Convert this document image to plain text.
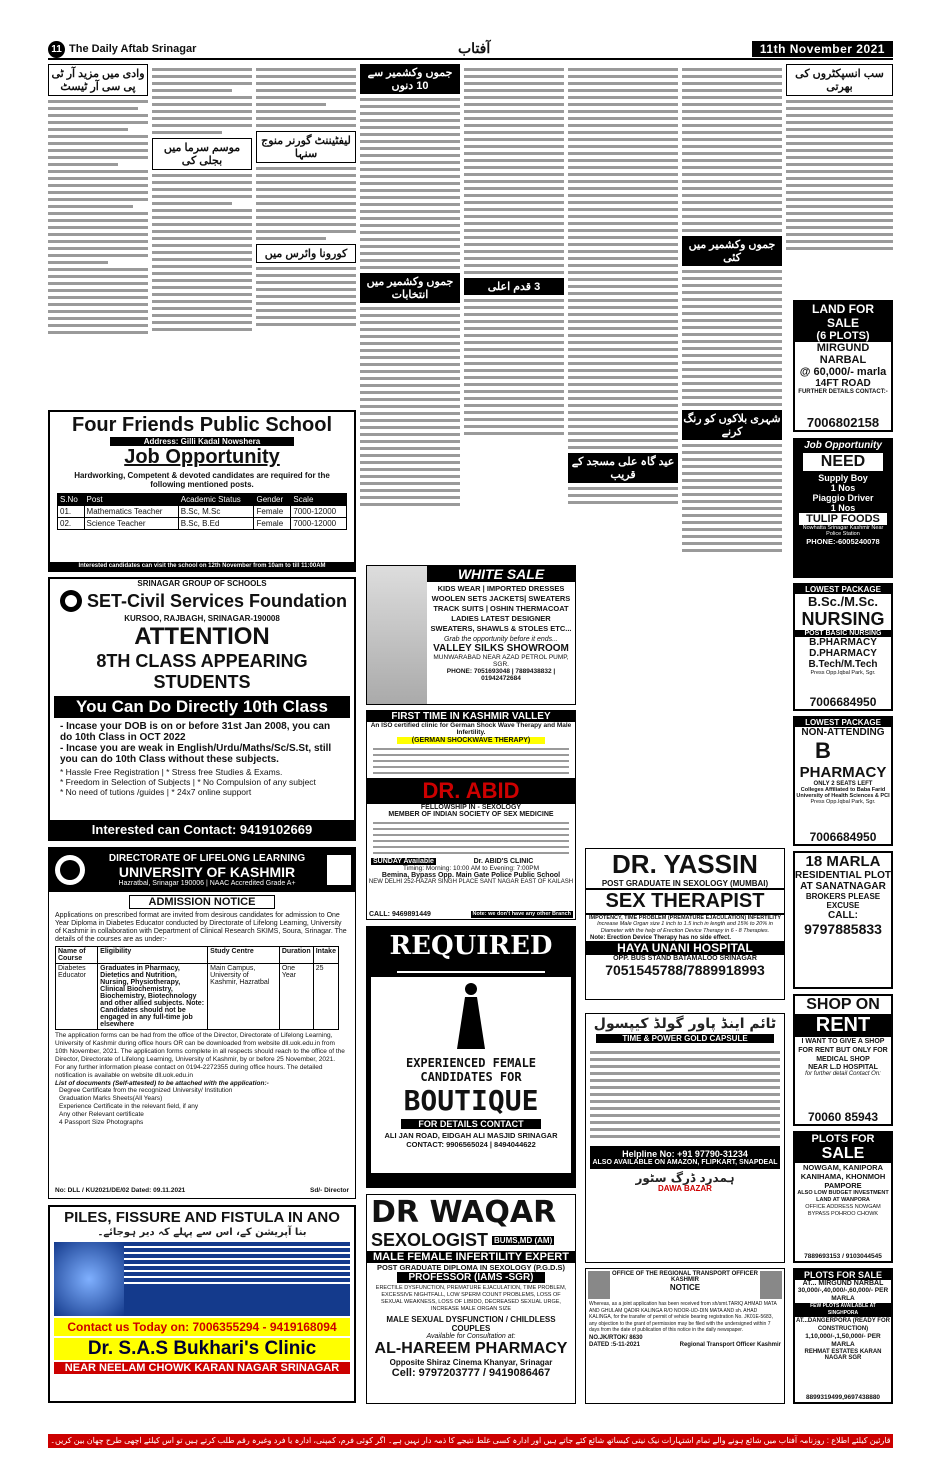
11 The Daily Aftab Srinagar	آفتاب	11th November 2021
وادی میں مزید آر ٹی پی سی آر ٹیسٹ
موسم سرما میں بجلی کی
لیفٹیننٹ گورنر منوج سنہا
کورونا وائرس میں
جموں وکشمیر سے 10 دنوں
جموں وکشمیر میں انتخابات
3 قدم اعلی
عید گاہ علی مسجد کے قریب
جموں وکشمیر میں کئی
شہری بلاکوں کو رنگ کرنے
سب انسپکٹروں کی بھرتی
Four Friends Public School
Address: Gilli Kadal Nowshera
Job Opportunity
Hardworking, Competent & devoted candidates are required for the following mentioned posts.
S.No	Post	Academic Status	Gender	Scale
01.	Mathematics Teacher	B.Sc, M.Sc	Female	7000-12000
02.	Science Teacher	B.Sc, B.Ed	Female	7000-12000
Interested candidates can visit the school on 12th November from 10am to till 11:00AM
SRINAGAR GROUP OF SCHOOLS
SET-Civil Services Foundation
KURSOO, RAJBAGH, SRINAGAR-190008
ATTENTION
8TH CLASS APPEARING STUDENTS
You Can Do Directly 10th Class
- Incase your DOB is on or before 31st Jan 2008, you can do 10th Class in OCT 2022
- Incase you are weak in English/Urdu/Maths/Sc/S.St, still you can do 10th Class without these subjects.
* Hassle Free Registration | * Stress free Studies & Exams.
* Freedom in Selection of Subjects | * No Compulsion of any subject
* No need of tutions /guides | * 24x7 online support
Interested can Contact: 9419102669
DIRECTORATE OF LIFELONG LEARNING
UNIVERSITY OF KASHMIR
Hazratbal, Srinagar 190006 | NAAC Accredited Grade A+
ADMISSION NOTICE
Applications on prescribed format are invited from desirous candidates for admission to One Year Diploma in Diabetes Educator conducted by Directorate of Lifelong Learning, University of Kashmir in collaboration with Department of Clinical Research SKIMS, Soura, Srinagar. The details of the courses are as under:-
Name of Course	Eligibility	Study Centre	Duration	Intake
Diabetes Educator	Graduates in Pharmacy, Dietetics and Nutrition, Nursing, Physiotherapy, Clinical Biochemistry, Biochemistry, Biotechnology and other allied subjects. Note: Candidates should not be engaged in any full-time job elsewhere	Main Campus, University of Kashmir, Hazratbal	One Year	25
The application forms can be had from the office of the Director, Directorate of Lifelong Learning, University of Kashmir during office hours OR can be downloaded from website dll.uok.edu.in from 10th November, 2021. The application forms complete in all respects should reach to the office of the Director, Directorate of Lifelong Learning, University of Kashmir, by or before 25 November, 2021.
For any further information please contact on 0194-2272355 during office hours. The detailed notification is available on website dll.uok.edu.in
List of documents (Self-attested) to be attached with the application:-
Degree Certificate from the recognized University/ Institution
Graduation Marks Sheets(All Years)
Experience Certificate in the relevant field, if any
Any other Relevant certificate
4 Passport Size Photographs
No: DLL / KU2021/DE/02 Dated: 09.11.2021	Sd/- Director
PILES, FISSURE AND FISTULA IN ANO
بنا آپریشن کے، اس سے پہلے کہ دیر ہوجائے۔
Contact us Today on: 7006355294 - 9419168094
Dr. S.A.S Bukhari's Clinic
NEAR NEELAM CHOWK KARAN NAGAR SRINAGAR
WHITE SALE
KIDS WEAR | IMPORTED DRESSES WOOLEN SETS JACKETS| SWEATERS TRACK SUITS | OSHIN THERMACOAT LADIES LATEST DESIGNER SWEATERS, SHAWLS & STOLES ETC...
Grab the opportunity before it ends...
VALLEY SILKS SHOWROOM
MUNWARABAD NEAR AZAD PETROL PUMP, SGR.
PHONE: 7051693048 | 7889438832 | 01942472684
FIRST TIME IN KASHMIR VALLEY
An ISO certified clinic for German Shock Wave Therapy and Male Infertility.
(GERMAN SHOCKWAVE THERAPY)
DR. ABID
FELLOWSHIP IN - SEXOLOGY
MEMBER OF INDIAN SOCIETY OF SEX MEDICINE
SUNDAY Available	Dr. ABID'S CLINIC
Timing: Morning: 10:00 AM to Evening: 7:00PM
Bemina, Bypass Opp. Main Gate Police Public School
NEW DELHI 252-HAZAR SINGH PLACE SANT NAGAR EAST OF KAILASH
CALL: 9469891449	Note: we don't have any other Branch
REQUIRED
EXPERIENCED FEMALE CANDIDATES FOR
BOUTIQUE
FOR DETAILS CONTACT
ALI JAN ROAD, EIDGAH ALI MASJID SRINAGAR
CONTACT: 9906565024 | 8494044622
DR WAQAR
SEXOLOGIST BUMS,MD (AM)
MALE FEMALE INFERTILITY EXPERT
POST GRADUATE DIPLOMA IN SEXOLOGY (P.G.D.S)
PROFESSOR (IAMS -SGR)
ERECTILE DYSFUNCTION, PREMATURE EJACULATION, TIME PROBLEM, EXCESSIVE NIGHTFALL, LOW SPERM COUNT PROBLEMS, LOSS OF SEXUAL WEAKNESS, LOSS OF LIBIDO, DECREASED SEXUAL URGE, INCREASE MALE ORGAN SIZE
MALE SEXUAL DYSFUNCTION / CHILDLESS COUPLES
Available for Consultation at:
AL-HAREEM PHARMACY
Opposite Shiraz Cinema Khanyar, Srinagar
Cell: 9797203777 / 9419086467
DR. YASSIN
POST GRADUATE IN SEXOLOGY (MUMBAI)
SEX THERAPIST
IMPOTENCY, TIME PROBLEM (PREMATURE EJACULATION) INFERTILITY
Increase Male Organ size 1 inch to 1.5 inch in length and 15% to 20% in Diameter with the help of Erection Device Therapy in 6 - 8 Therapies.
Note: Erection Device Therapy has no side effect.
HAYA UNANI HOSPITAL
OPP. BUS STAND BATAMALOO SRINAGAR
7051545788/7889918993
ٹائم اینڈ پاور گولڈ کیپسول
TIME & POWER GOLD CAPSULE
Helpline No: +91 97790-31234
ALSO AVAILABLE ON AMAZON, FLIPKART, SNAPDEAL
ہمدرد ڈرگ سٹور
DAWA BAZAR
OFFICE OF THE REGIONAL TRANSPORT OFFICER KASHMIR
NOTICE
Whereas, as a joint application has been received from sh/smt.TARIQ AHMAD MATA AND GHULAM QADIR KALINGA R/O NOOR-UD-DIN MATA AND sh. AHAD KALINGA, for the transfer of permit of vehicle bearing registration No. JK01E-5683, any objection to the grant of permission may be filed with the undersigned within 7 days from the date of publication of this notice in the daily newspaper.
NO.JK/RTOK/ 8630
DATED :5-11-2021	Regional Transport Officer Kashmir
LAND FOR SALE
(6 PLOTS)
MIRGUND NARBAL
@ 60,000/- marla
14FT ROAD
FURTHER DETAILS CONTACT:-
7006802158
Job Opportunity
NEED
Supply Boy
1 Nos
Piaggio Driver
1 Nos
TULIP FOODS
Nowhatta Srinagar Kashmir Near Police Station
PHONE:-6005240078
LOWEST PACKAGE
B.Sc./M.Sc.
NURSING
POST BASIC NURSING
B.PHARMACY
D.PHARMACY
B.Tech/M.Tech
Press Opp.Iqbal Park, Sgr.
7006684950
LOWEST PACKAGE
NON-ATTENDING
B
PHARMACY
ONLY 2 SEATS LEFT
Colleges Affiliated to Baba Farid University of Health Sciences & PCI
Press Opp.Iqbal Park, Sgr.
7006684950
18 MARLA
RESIDENTIAL PLOT
AT SANATNAGAR
BROKERS PLEASE EXCUSE
CALL:
9797885833
SHOP ON
RENT
I WANT TO GIVE A SHOP FOR RENT BUT ONLY FOR MEDICAL SHOP
NEAR L.D HOSPITAL
for further detail Contact On:
70060 85943
PLOTS FOR
SALE
NOWGAM, KANIPORA KANIHAMA, KHONMOH PAMPORE
ALSO LOW BUDGET INVESTMENT LAND AT WANPORA
OFFICE ADDRESS NOWGAM BYPASS POHROO CHOWK
7889693153 / 9103044545
PLOTS FOR SALE
AT... MIRGUND NARBAL
30,000/-,40,000/-,60,000/- PER MARLA
FEW PLOTS AVAILABLE AT SINGHPORA
AT...DANGERPORA (READY FOR CONSTRUCTION)
1,10,000/-,1,50,000/- PER MARLA
REHMAT ESTATES KARAN NAGAR SGR
8899319499,9697438880
قارئین کیلئے اطلاع : روزنامہ آفتاب میں شائع ہونے والے تمام اشتہارات نیک نیتی کیساتھ شائع کئے جاتے ہیں اور ادارہ کسی غلط نتیجے کا ذمہ دار نہیں ہے۔ اگر کوئی فرم، کمپنی، ادارہ یا فرد وغیرہ رقم طلب کرتے ہیں تو اس کیلئے اچھی طرح چھان بین کریں۔
